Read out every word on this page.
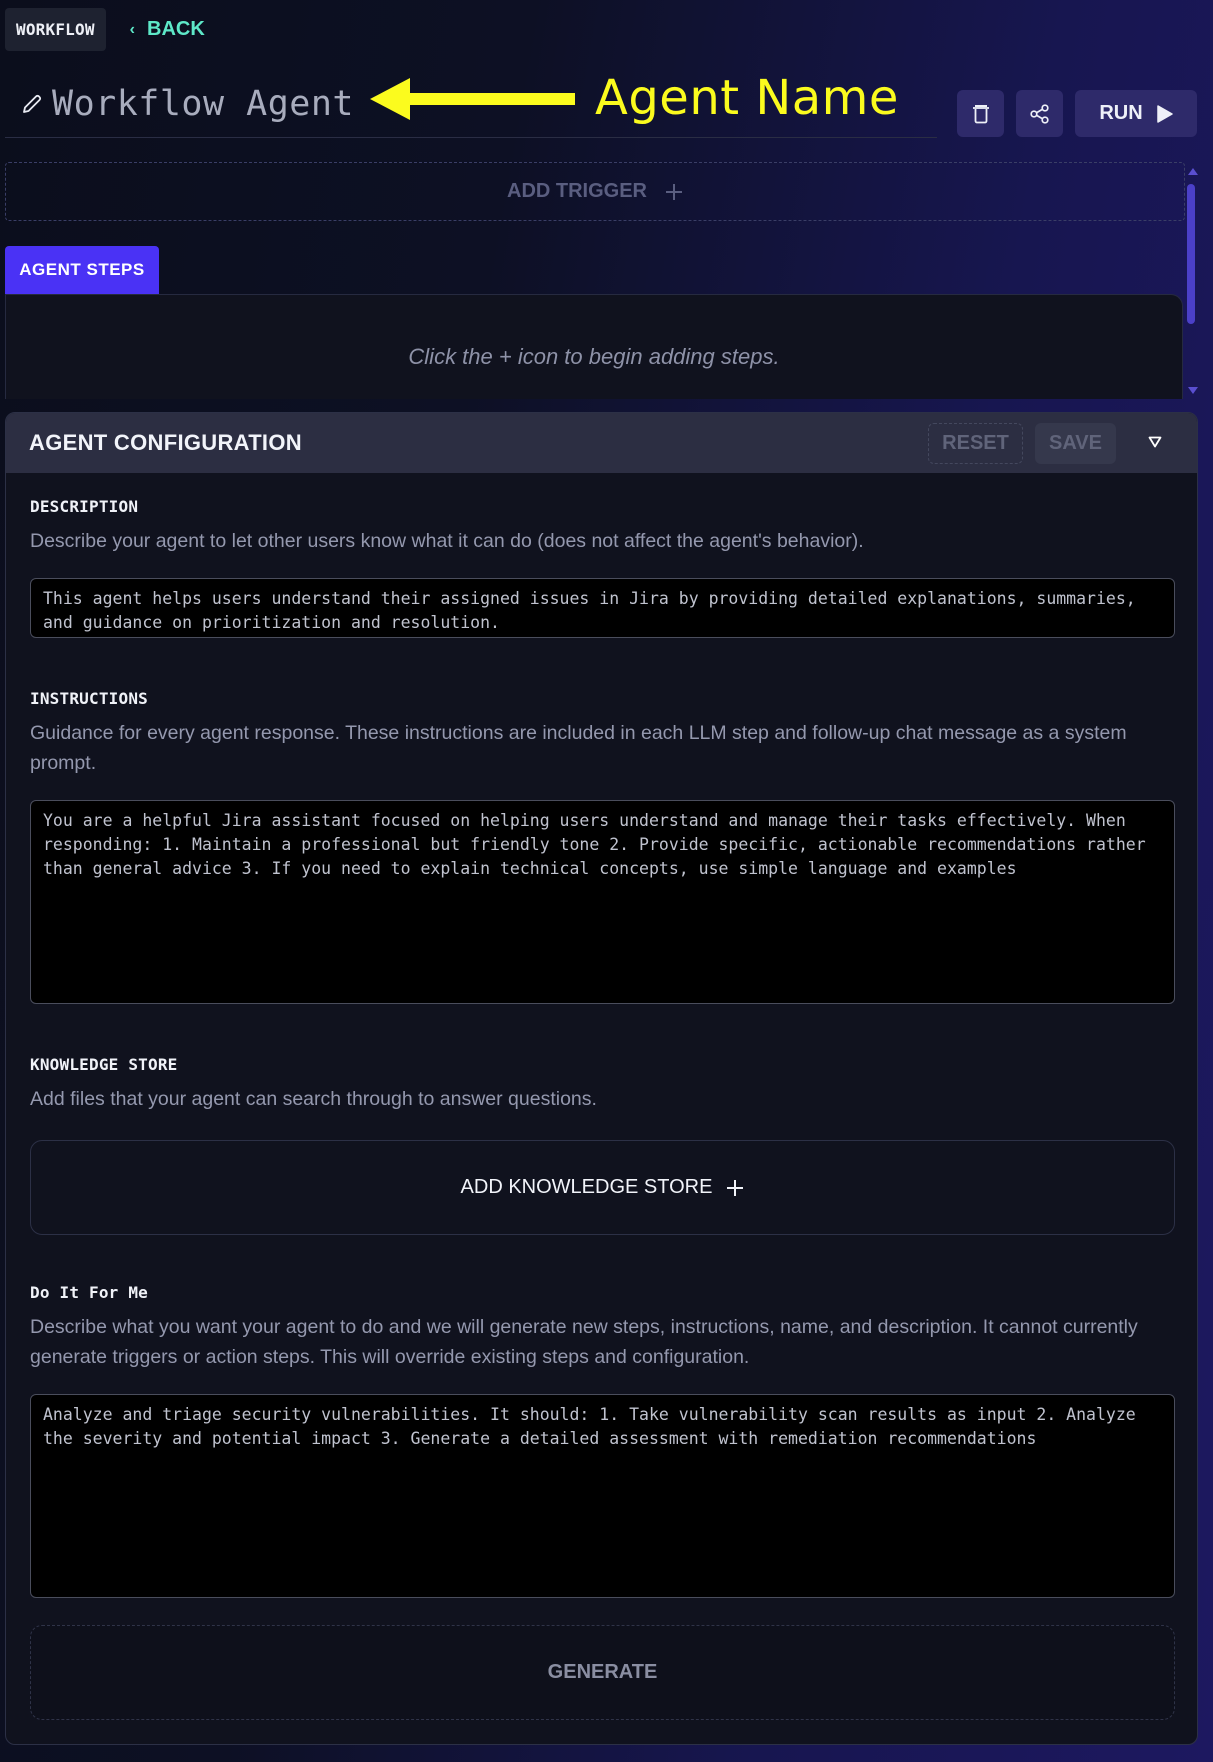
WORKFLOW	‹ BACK
Workflow Agent	Agent Name	RUN
ADD TRIGGER
AGENT STEPS
Click the + icon to begin adding steps.
AGENT CONFIGURATION	RESET	SAVE
DESCRIPTION
Describe your agent to let other users know what it can do (does not affect the agent's behavior).
This agent helps users understand their assigned issues in Jira by providing detailed explanations, summaries, and guidance on prioritization and resolution.
INSTRUCTIONS
Guidance for every agent response. These instructions are included in each LLM step and follow-up chat message as a system prompt.
You are a helpful Jira assistant focused on helping users understand and manage their tasks effectively. When responding: 1. Maintain a professional but friendly tone 2. Provide specific, actionable recommendations rather than general advice 3. If you need to explain technical concepts, use simple language and examples
KNOWLEDGE STORE
Add files that your agent can search through to answer questions.
ADD KNOWLEDGE STORE
Do It For Me
Describe what you want your agent to do and we will generate new steps, instructions, name, and description. It cannot currently generate triggers or action steps. This will override existing steps and configuration.
Analyze and triage security vulnerabilities. It should: 1. Take vulnerability scan results as input 2. Analyze the severity and potential impact 3. Generate a detailed assessment with remediation recommendations
GENERATE
